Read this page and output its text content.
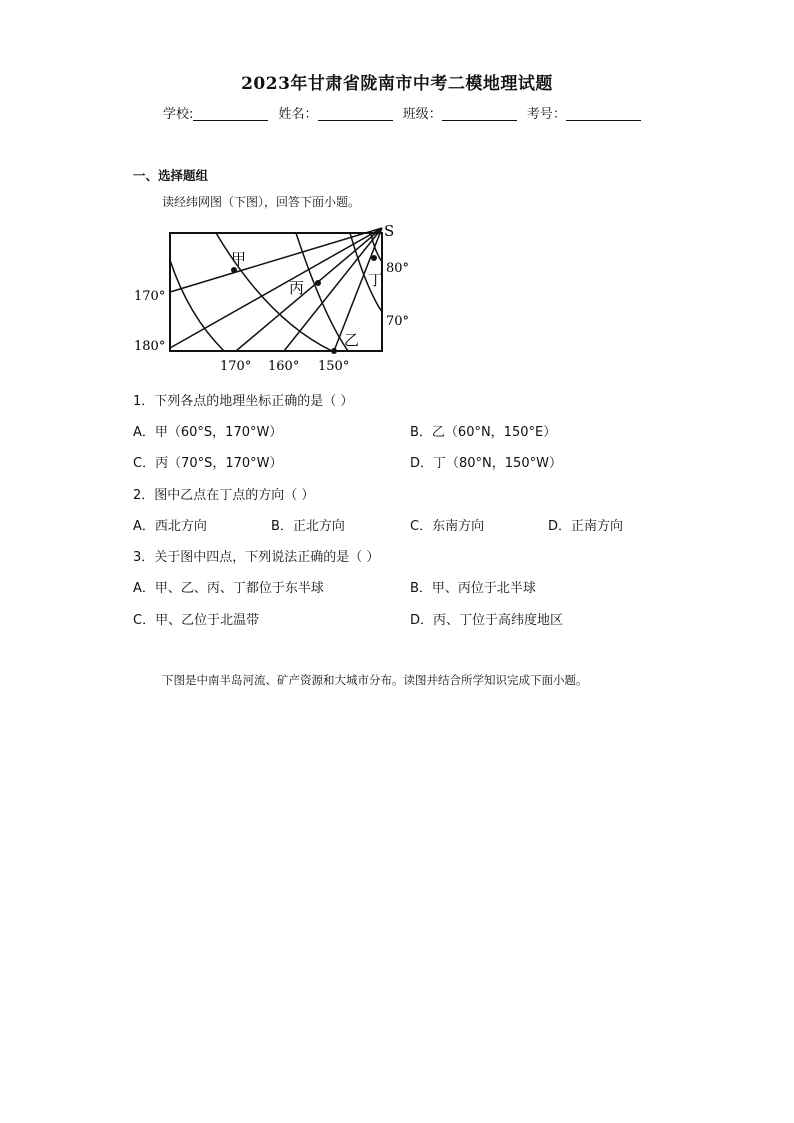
2023年甘肃省陇南市中考二模地理试题
学校:	姓名：	班级：	考号：
一、选择题组
读经纬网图（下图），回答下面小题。
S
170°
180°
80°
70°
170° 160° 150°
甲
丙	丁
乙
1．下列各点的地理坐标正确的是（ ）
A．甲（60°S，170°W）	B．乙（60°N，150°E）
C．丙（70°S，170°W）	D．丁（80°N，150°W）
2．图中乙点在丁点的方向（ ）
A．西北方向	B．正北方向	C．东南方向	D．正南方向
3．关于图中四点，下列说法正确的是（ ）
A．甲、乙、丙、丁都位于东半球	B．甲、丙位于北半球
C．甲、乙位于北温带	D．丙、丁位于高纬度地区
下图是中南半岛河流、矿产资源和大城市分布。读图并结合所学知识完成下面小题。
